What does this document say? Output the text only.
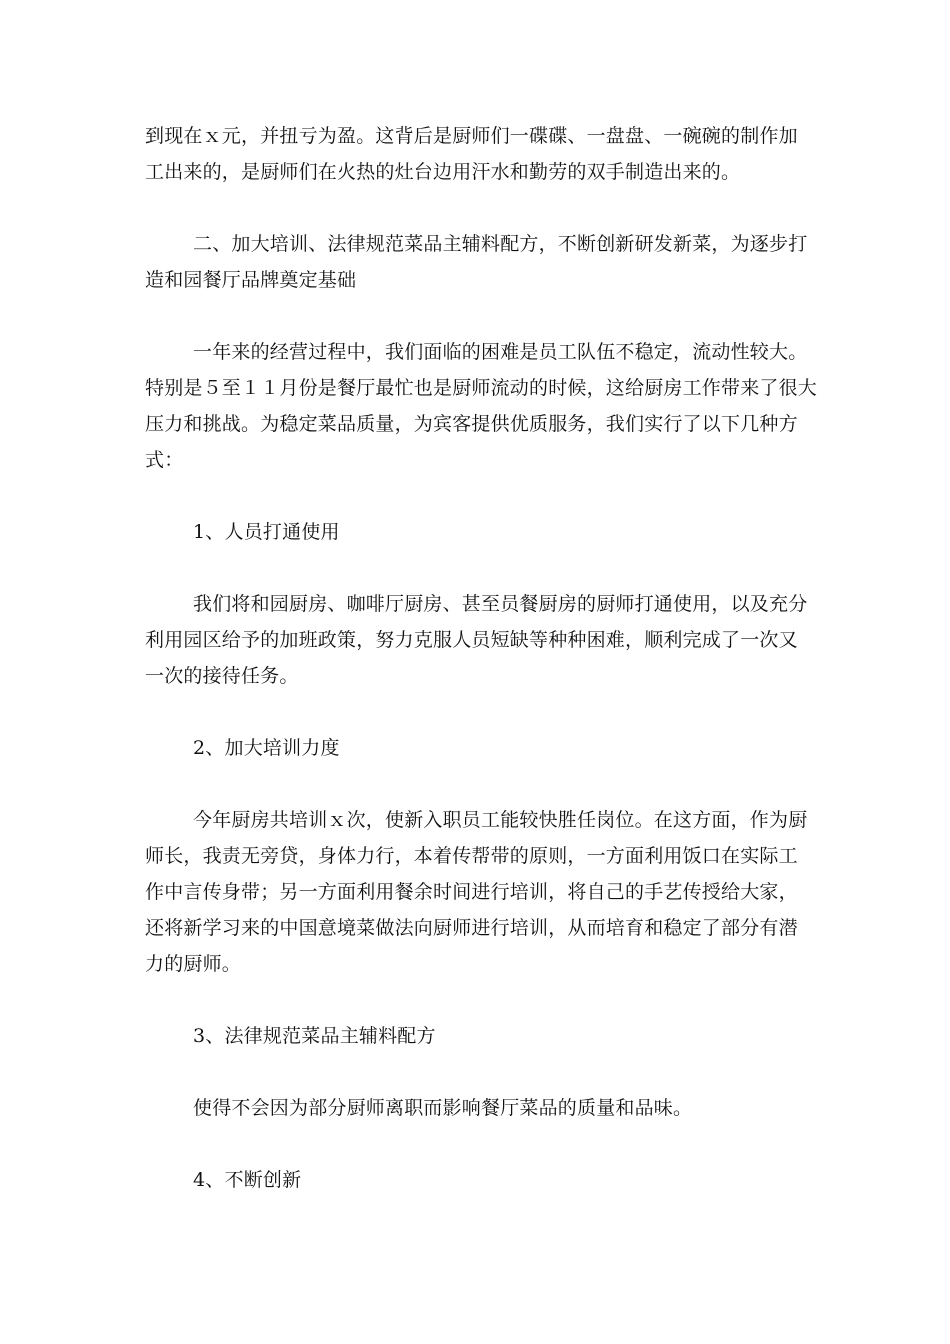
到现在ｘ元，并扭亏为盈。这背后是厨师们一碟碟、一盘盘、一碗碗的制作加
工出来的，是厨师们在火热的灶台边用汗水和勤劳的双手制造出来的。
二、加大培训、法律规范菜品主辅料配方，不断创新研发新菜，为逐步打
造和园餐厅品牌奠定基础
一年来的经营过程中，我们面临的困难是员工队伍不稳定，流动性较大。
特别是５至１１月份是餐厅最忙也是厨师流动的时候，这给厨房工作带来了很大
压力和挑战。为稳定菜品质量，为宾客提供优质服务，我们实行了以下几种方
式：
1、人员打通使用
我们将和园厨房、咖啡厅厨房、甚至员餐厨房的厨师打通使用，以及充分
利用园区给予的加班政策，努力克服人员短缺等种种困难，顺利完成了一次又
一次的接待任务。
2、加大培训力度
今年厨房共培训ｘ次，使新入职员工能较快胜任岗位。在这方面，作为厨
师长，我责无旁贷，身体力行，本着传帮带的原则，一方面利用饭口在实际工
作中言传身带；另一方面利用餐余时间进行培训，将自己的手艺传授给大家，
还将新学习来的中国意境菜做法向厨师进行培训，从而培育和稳定了部分有潜
力的厨师。
3、法律规范菜品主辅料配方
使得不会因为部分厨师离职而影响餐厅菜品的质量和品味。
4、不断创新
